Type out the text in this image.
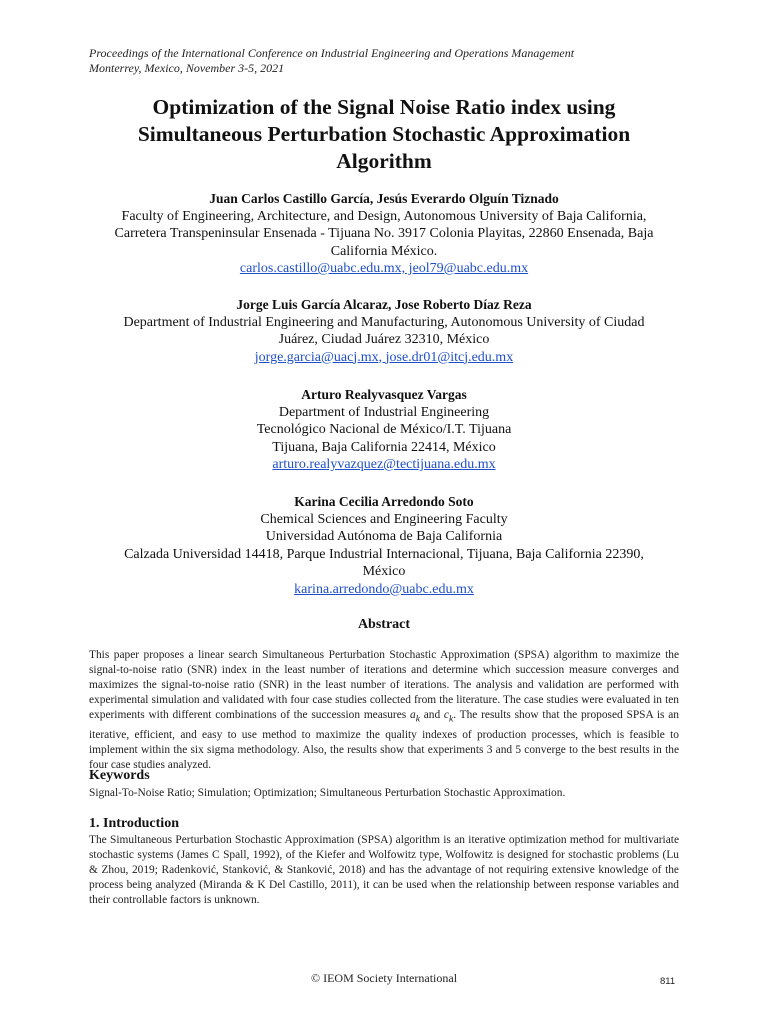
Proceedings of the International Conference on Industrial Engineering and Operations Management
Monterrey, Mexico, November 3-5, 2021
Optimization of the Signal Noise Ratio index using
Simultaneous Perturbation Stochastic Approximation
Algorithm
Juan Carlos Castillo García, Jesús Everardo Olguín Tiznado
Faculty of Engineering, Architecture, and Design, Autonomous University of Baja California,
Carretera Transpeninsular Ensenada - Tijuana No. 3917 Colonia Playitas, 22860 Ensenada, Baja
California México.
carlos.castillo@uabc.edu.mx, jeol79@uabc.edu.mx
Jorge Luis García Alcaraz, Jose Roberto Díaz Reza
Department of Industrial Engineering and Manufacturing, Autonomous University of Ciudad
Juárez, Ciudad Juárez 32310, México
jorge.garcia@uacj.mx, jose.dr01@itcj.edu.mx
Arturo Realyvasquez Vargas
Department of Industrial Engineering
Tecnológico Nacional de México/I.T. Tijuana
Tijuana, Baja California 22414, México
arturo.realyvazquez@tectijuana.edu.mx
Karina Cecilia Arredondo Soto
Chemical Sciences and Engineering Faculty
Universidad Autónoma de Baja California
Calzada Universidad 14418, Parque Industrial Internacional, Tijuana, Baja California 22390,
México
karina.arredondo@uabc.edu.mx
Abstract
This paper proposes a linear search Simultaneous Perturbation Stochastic Approximation (SPSA) algorithm to maximize the signal-to-noise ratio (SNR) index in the least number of iterations and determine which succession measure converges and maximizes the signal-to-noise ratio (SNR) in the least number of iterations. The analysis and validation are performed with experimental simulation and validated with four case studies collected from the literature. The case studies were evaluated in ten experiments with different combinations of the succession measures $a_k$ and $c_k$. The results show that the proposed SPSA is an iterative, efficient, and easy to use method to maximize the quality indexes of production processes, which is feasible to implement within the six sigma methodology. Also, the results show that experiments 3 and 5 converge to the best results in the four case studies analyzed.
Keywords
Signal-To-Noise Ratio; Simulation; Optimization; Simultaneous Perturbation Stochastic Approximation.
1. Introduction
The Simultaneous Perturbation Stochastic Approximation (SPSA) algorithm is an iterative optimization method for multivariate stochastic systems (James C Spall, 1992), of the Kiefer and Wolfowitz type, Wolfowitz is designed for stochastic problems (Lu & Zhou, 2019; Radenković, Stanković, & Stanković, 2018) and has the advantage of not requiring extensive knowledge of the process being analyzed (Miranda & K Del Castillo, 2011), it can be used when the relationship between response variables and their controllable factors is unknown.
© IEOM Society International	811
